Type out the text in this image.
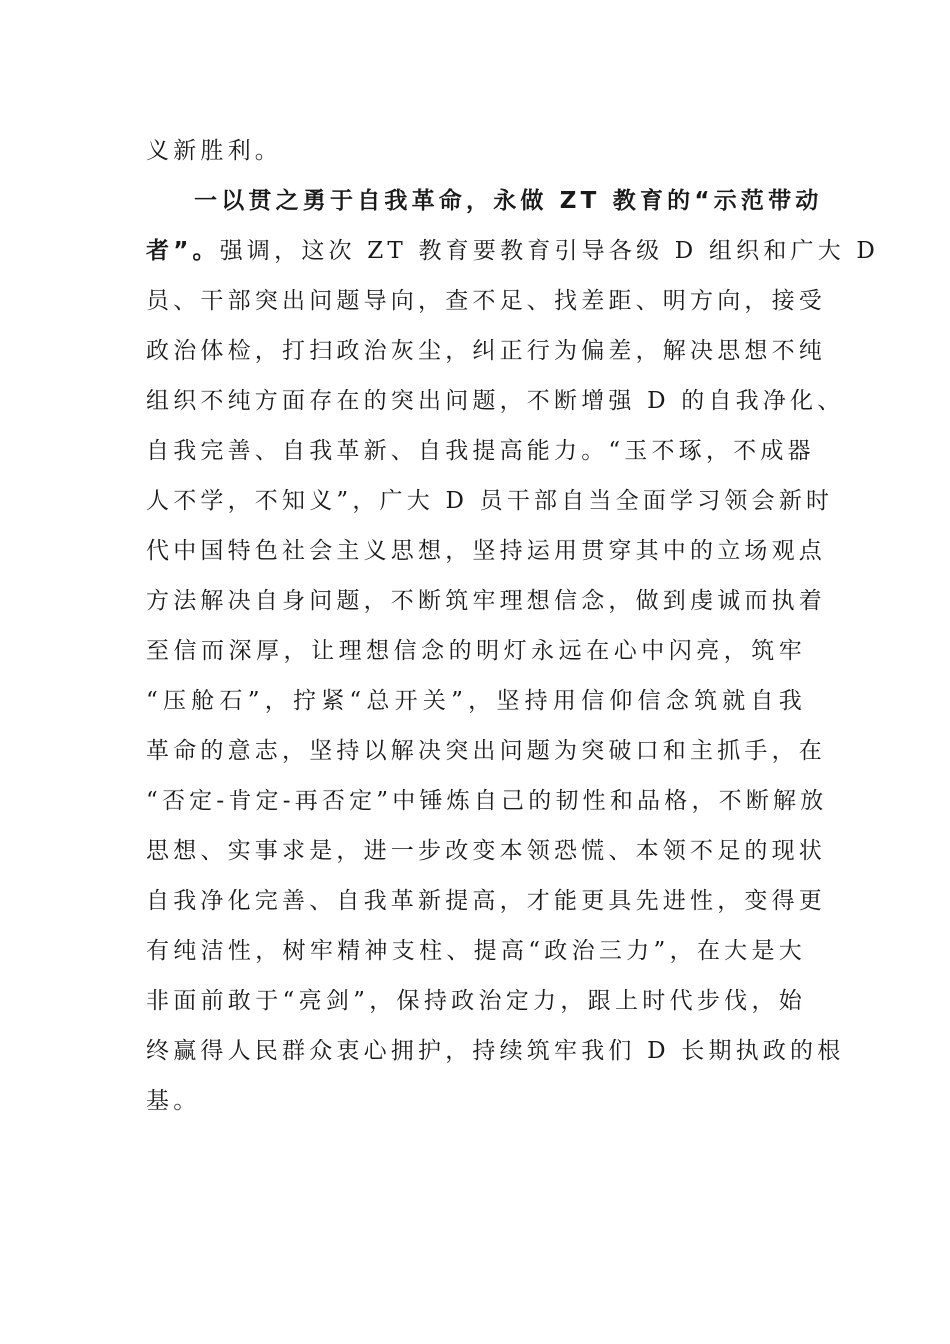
义新胜利。
一以贯之勇于自我革命，永做 ZT 教育的“示范带动
者”。强调，这次 ZT 教育要教育引导各级 D 组织和广大 D
员、干部突出问题导向，查不足、找差距、明方向，接受
政治体检，打扫政治灰尘，纠正行为偏差，解决思想不纯
组织不纯方面存在的突出问题，不断增强 D 的自我净化、
自我完善、自我革新、自我提高能力。“玉不琢，不成器
人不学，不知义”，广大 D 员干部自当全面学习领会新时
代中国特色社会主义思想，坚持运用贯穿其中的立场观点
方法解决自身问题，不断筑牢理想信念，做到虔诚而执着
至信而深厚，让理想信念的明灯永远在心中闪亮，筑牢
“压舱石”，拧紧“总开关”，坚持用信仰信念筑就自我
革命的意志，坚持以解决突出问题为突破口和主抓手，在
“否定-肯定-再否定”中锤炼自己的韧性和品格，不断解放
思想、实事求是，进一步改变本领恐慌、本领不足的现状
自我净化完善、自我革新提高，才能更具先进性，变得更
有纯洁性，树牢精神支柱、提高“政治三力”，在大是大
非面前敢于“亮剑”，保持政治定力，跟上时代步伐，始
终赢得人民群众衷心拥护，持续筑牢我们 D 长期执政的根
基。
